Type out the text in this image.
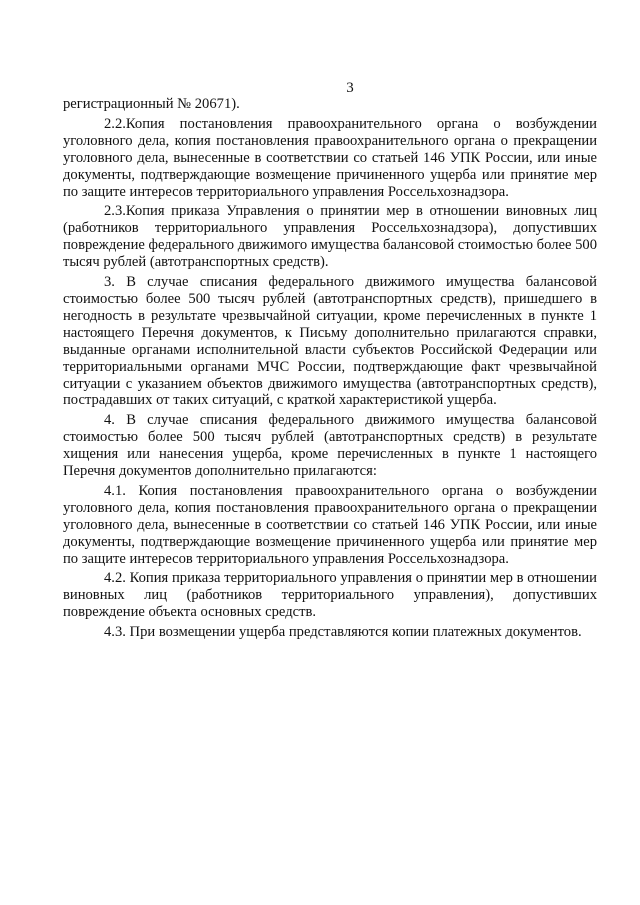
3

регистрационный № 20671).

2.2.Копия постановления правоохранительного органа о возбуждении уголовного дела, копия постановления правоохранительного органа о прекращении уголовного дела, вынесенные в соответствии со статьей 146 УПК России, или иные документы, подтверждающие возмещение причиненного ущерба или принятие мер по защите интересов территориального управления Россельхознадзора.

2.3.Копия приказа Управления о принятии мер в отношении виновных лиц (работников территориального управления Россельхознадзора), допустивших повреждение федерального движимого имущества балансовой стоимостью более 500 тысяч рублей (автотранспортных средств).

3. В случае списания федерального движимого имущества балансовой стоимостью более 500 тысяч рублей (автотранспортных средств), пришедшего в негодность в результате чрезвычайной ситуации, кроме перечисленных в пункте 1 настоящего Перечня документов, к Письму дополнительно прилагаются справки, выданные органами исполнительной власти субъектов Российской Федерации или территориальными органами МЧС России, подтверждающие факт чрезвычайной ситуации с указанием объектов движимого имущества (автотранспортных средств), пострадавших от таких ситуаций, с краткой характеристикой ущерба.

4. В случае списания федерального движимого имущества балансовой стоимостью более 500 тысяч рублей (автотранспортных средств) в результате хищения или нанесения ущерба, кроме перечисленных в пункте 1 настоящего Перечня документов дополнительно прилагаются:

4.1. Копия постановления правоохранительного органа о возбуждении уголовного дела, копия постановления правоохранительного органа о прекращении уголовного дела, вынесенные в соответствии со статьей 146 УПК России, или иные документы, подтверждающие возмещение причиненного ущерба или принятие мер по защите интересов территориального управления Россельхознадзора.

4.2. Копия приказа территориального управления о принятии мер в отношении виновных лиц (работников территориального управления), допустивших повреждение объекта основных средств.

4.3. При возмещении ущерба представляются копии платежных документов.
